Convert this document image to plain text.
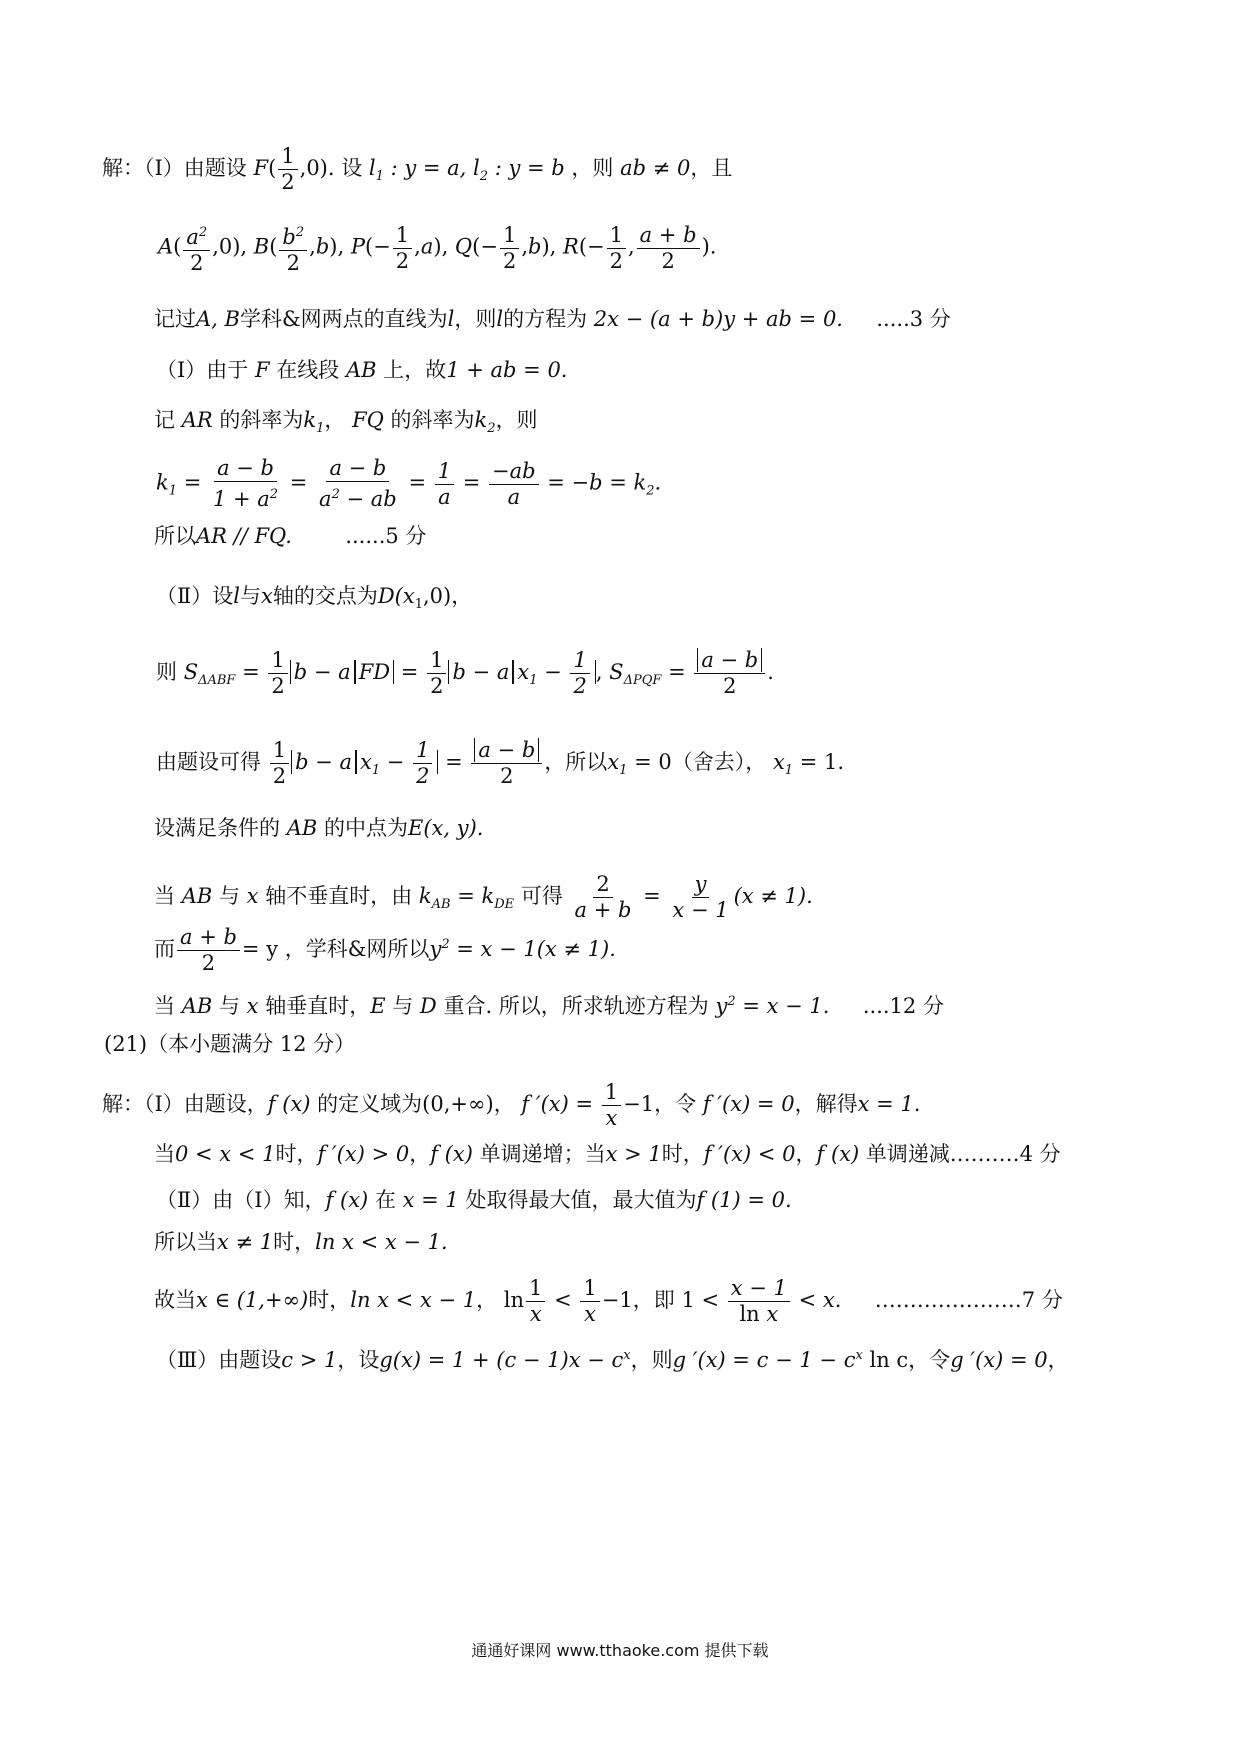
解：（Ⅰ）由题设 $F( \frac{1}{2} ,0)$. 设 $l_1$ : y = a, $l_2$ : y = b ，则 ab ≠ 0，且
$A( \frac{a^2}{2} ,0)$, $B( \frac{b^2}{2} ,b)$, $P(- \frac{1}{2} ,a)$, $Q(- \frac{1}{2} ,b)$, $R(- \frac{1}{2}$ , $\frac{a + b}{2}$ ).
记过A, B学科&网两点的直线为l，则l的方程为 2x − (a + b)y + ab = 0. .....3 分
（Ⅰ）由于 F 在线段 AB 上，故1 + ab = 0.
记 AR 的斜率为$k_1$， FQ 的斜率为$k_2$，则
$k_1 = \frac{a - b}{1 + a^2} = \frac{a - b}{a^2 - ab} = \frac{1}{a} = \frac{-ab}{a} = -b = k_2$.
所以AR // FQ.	......5 分
（Ⅱ）设l与x轴的交点为$D(x_1,0)$，
则 $S_{\Delta ABF} = \frac{1}{2}$ b − a FD = $\frac{1}{2}$ b − a $x_1 - \frac{1}{2}$ , $S_{\Delta PQF} = \frac{a - b}{2}$ .
由题设可得 $\frac{1}{2}$ b − a $x_1 - \frac{1}{2} = \frac{a - b}{2}$ ，所以$x_1 = 0$（舍去）， $x_1 = 1$.
设满足条件的 AB 的中点为E(x, y).
当 AB 与 x 轴不垂直时，由 $k_{AB} = k_{DE}$ 可得 $\frac{2}{a + b} = \frac{y}{x - 1} (x \ne 1)$.
而 $\frac{a + b}{2} = y$ ，学科&网所以$y^2 = x - 1(x \ne 1)$.
当 AB 与 x 轴垂直时，E 与 D 重合. 所以，所求轨迹方程为 $y^2 = x - 1$. ....12 分
(21)（本小题满分 12 分）
解：（Ⅰ）由题设，f (x) 的定义域为(0,+∞)， f $'(x) = \frac{1}{x} -1$，令 f ′(x) = 0，解得x = 1.
当0 < x < 1时，f ′(x) > 0，f (x) 单调递增；当x > 1时，f ′(x) < 0，f (x) 单调递减.………4 分
（Ⅱ）由（Ⅰ）知，f (x) 在 x = 1 处取得最大值，最大值为f (1) = 0.
所以当x ≠ 1时，ln x < x − 1.
故当x ∈ (1,+∞)时，ln x < x − 1， $\ln \frac{1}{x} < \frac{1}{x} -1$，即 $1 < \frac{x - 1}{\text{ln x}} < x$. …………………7 分
（Ⅲ）由题设c > 1，设$g(x) = 1 + (c - 1)x - c^x$，则g $'(x) = c - 1 - c^x$ ln c，令g ′(x) = 0，
通通好课网 www.tthaoke.com 提供下载
